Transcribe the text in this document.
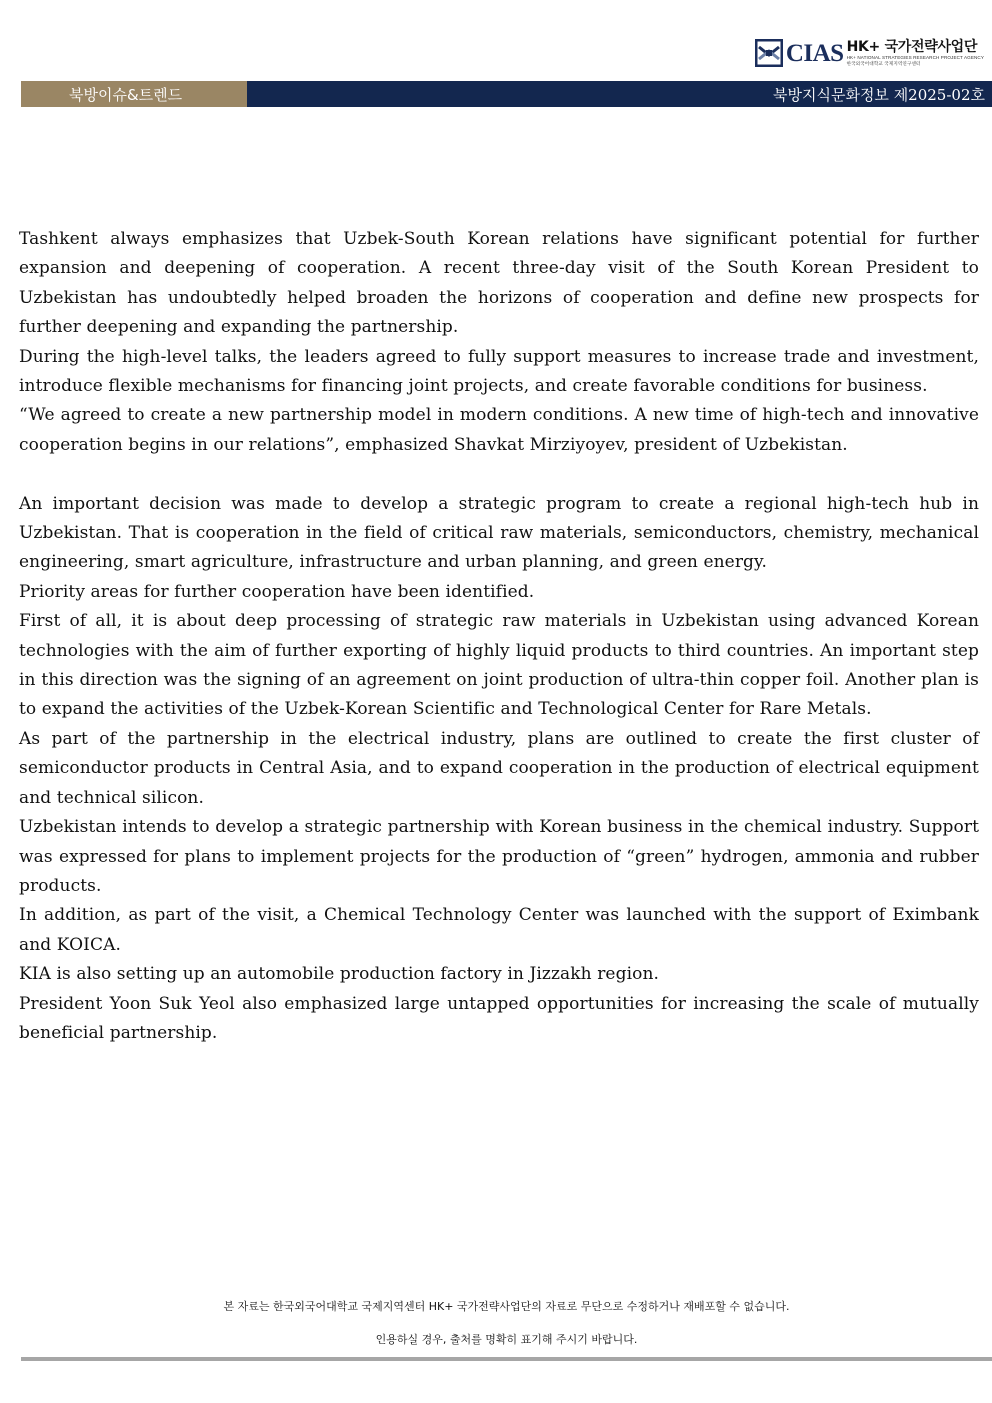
CIAS HK+ 국가전략사업단
HK+ NATIONAL STRATEGIES RESEARCH PROJECT AGENCY
한국외국어대학교 국제지역연구센터
북방이슈&트렌드	북방지식문화정보 제2025-02호

Tashkent always emphasizes that Uzbek-South Korean relations have significant potential for further expansion and deepening of cooperation. A recent three-day visit of the South Korean President to Uzbekistan has undoubtedly helped broaden the horizons of cooperation and define new prospects for further deepening and expanding the partnership.

During the high-level talks, the leaders agreed to fully support measures to increase trade and investment, introduce flexible mechanisms for financing joint projects, and create favorable conditions for business.

“We agreed to create a new partnership model in modern conditions. A new time of high-tech and innovative cooperation begins in our relations”, emphasized Shavkat Mirziyoyev, president of Uzbekistan.

An important decision was made to develop a strategic program to create a regional high-tech hub in Uzbekistan. That is cooperation in the field of critical raw materials, semiconductors, chemistry, mechanical engineering, smart agriculture, infrastructure and urban planning, and green energy.

Priority areas for further cooperation have been identified.

First of all, it is about deep processing of strategic raw materials in Uzbekistan using advanced Korean technologies with the aim of further exporting of highly liquid products to third countries. An important step in this direction was the signing of an agreement on joint production of ultra-thin copper foil. Another plan is to expand the activities of the Uzbek-Korean Scientific and Technological Center for Rare Metals.

As part of the partnership in the electrical industry, plans are outlined to create the first cluster of semiconductor products in Central Asia, and to expand cooperation in the production of electrical equipment and technical silicon.

Uzbekistan intends to develop a strategic partnership with Korean business in the chemical industry. Support was expressed for plans to implement projects for the production of “green” hydrogen, ammonia and rubber products.

In addition, as part of the visit, a Chemical Technology Center was launched with the support of Eximbank and KOICA.

KIA is also setting up an automobile production factory in Jizzakh region.

President Yoon Suk Yeol also emphasized large untapped opportunities for increasing the scale of mutually beneficial partnership.

본 자료는 한국외국어대학교 국제지역센터 HK+ 국가전략사업단의 자료로 무단으로 수정하거나 재배포할 수 없습니다.
인용하실 경우, 출처를 명확히 표기해 주시기 바랍니다.
